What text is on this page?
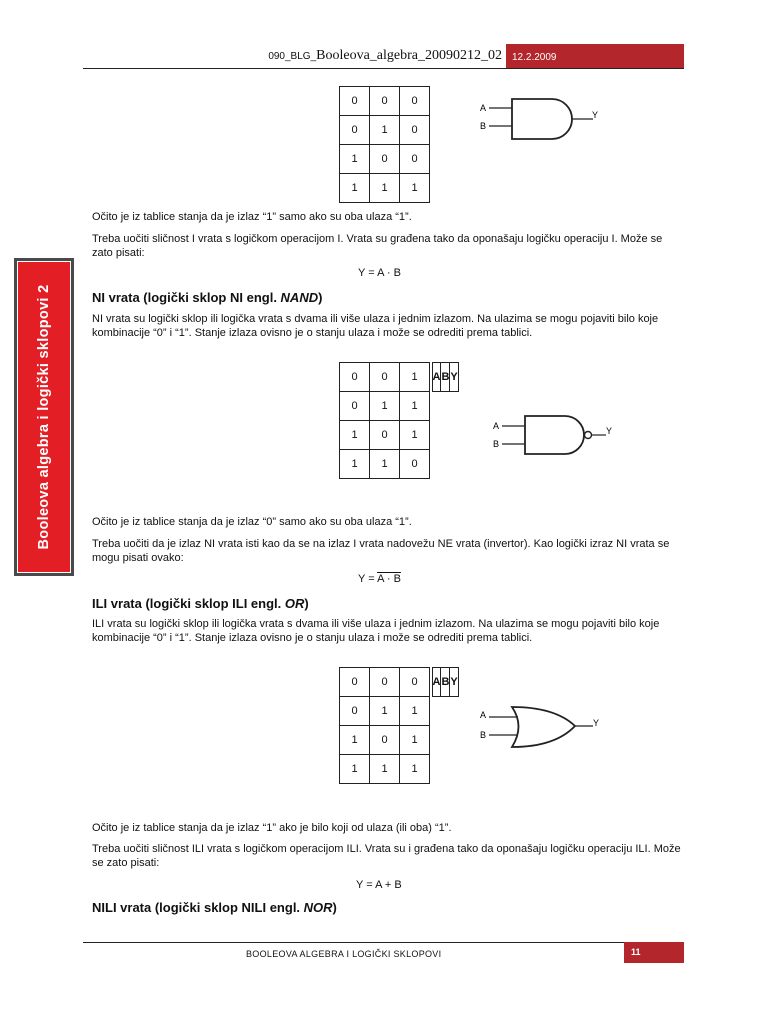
090_BLG_Booleova_algebra_20090212_02	12.2.2009
Booleova algebra i logički sklopovi 2
0	0	0
0	1	0
1	0	0
1	1	1
A
B
Y
Očito je iz tablice stanja da je izlaz “1” samo ako su oba ulaza “1”.
Treba uočiti sličnost I vrata s logičkom operacijom I. Vrata su građena tako da oponašaju logičku operaciju I. Može se zato pisati:
Y = A · B
NI vrata (logički sklop NI engl. NAND)
NI vrata su logički sklop ili logička vrata s dvama ili više ulaza i jednim izlazom. Na ulazima se mogu pojaviti bilo koje kombinacije “0” i “1”. Stanje izlaza ovisno je o stanju ulaza i može se odrediti prema tablici.
A	B	Y
0	0	1
0	1	1
1	0	1
1	1	0
A
B
Y
Očito je iz tablice stanja da je izlaz “0” samo ako su oba ulaza “1”.
Treba uočiti da je izlaz NI vrata isti kao da se na izlaz I vrata nadovežu NE vrata (invertor). Kao logički izraz NI vrata se mogu pisati ovako:
Y = A · B
ILI vrata (logički sklop ILI engl. OR)
ILI vrata su logički sklop ili logička vrata s dvama ili više ulaza i jednim izlazom. Na ulazima se mogu pojaviti bilo koje kombinacije “0” i “1”. Stanje izlaza ovisno je o stanju ulaza i može se odrediti prema tablici.
A	B	Y
0	0	0
0	1	1
1	0	1
1	1	1
A
B
Y
Očito je iz tablice stanja da je izlaz “1” ako je bilo koji od ulaza (ili oba) “1”.
Treba uočiti sličnost ILI vrata s logičkom operacijom ILI. Vrata su i građena tako da oponašaju logičku operaciju ILI. Može se zato pisati:
Y = A + B
NILI vrata (logički sklop NILI engl. NOR)
BOOLEOVA ALGEBRA I LOGIČKI SKLOPOVI	11
